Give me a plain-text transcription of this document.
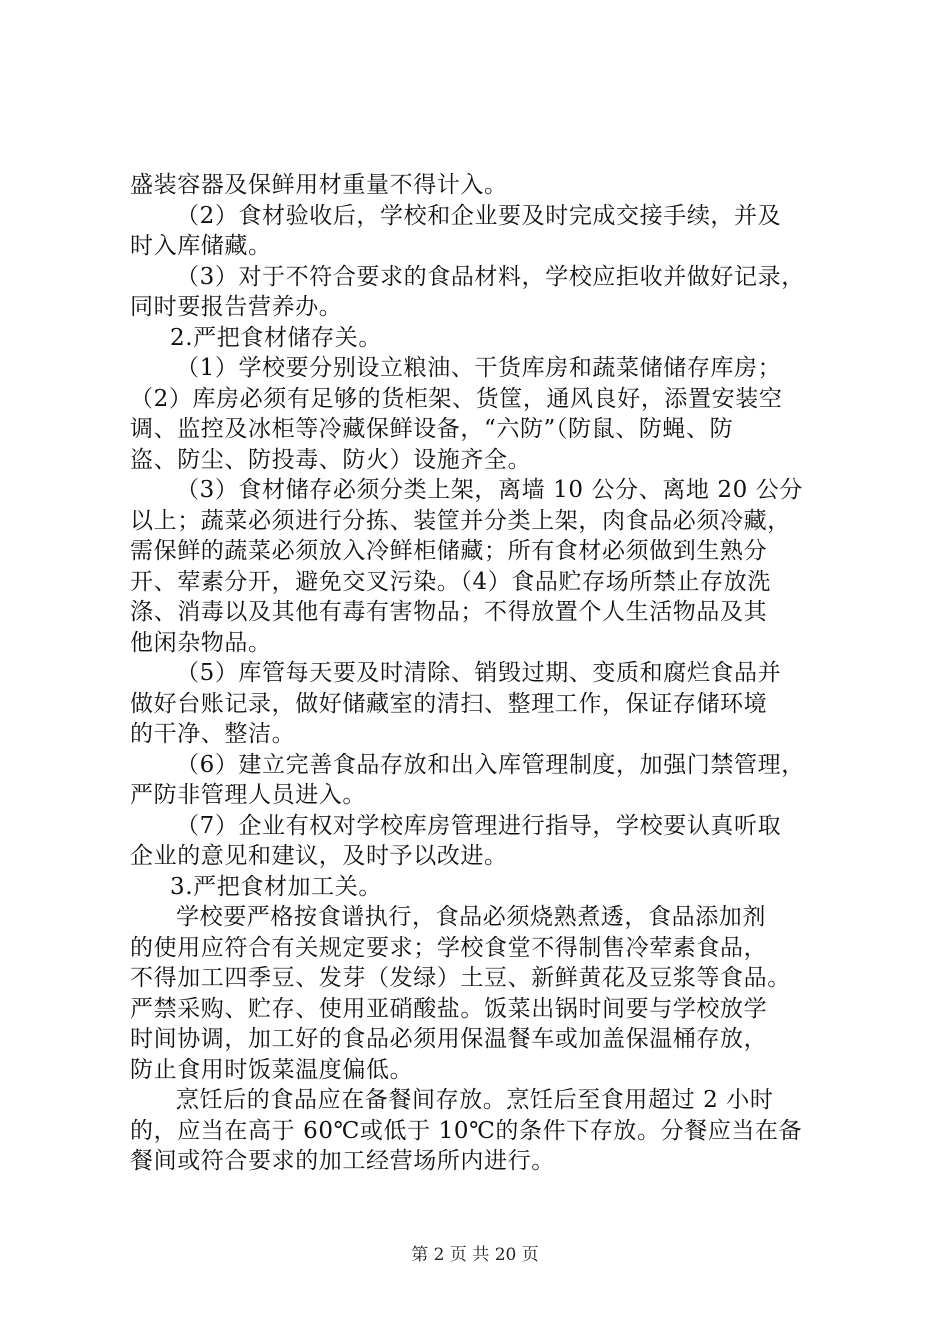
盛装容器及保鲜用材重量不得计入。
（2）食材验收后，学校和企业要及时完成交接手续，并及
时入库储藏。
（3）对于不符合要求的食品材料，学校应拒收并做好记录，
同时要报告营养办。
2.严把食材储存关。
（1）学校要分别设立粮油、干货库房和蔬菜储储存库房；
（2）库房必须有足够的货柜架、货筐，通风良好，添置安装空
调、监控及冰柜等冷藏保鲜设备，“六防”（防鼠、防蝇、防
盗、防尘、防投毒、防火）设施齐全。
（3）食材储存必须分类上架，离墙 10 公分、离地 20 公分
以上；蔬菜必须进行分拣、装筐并分类上架，肉食品必须冷藏，
需保鲜的蔬菜必须放入冷鲜柜储藏；所有食材必须做到生熟分
开、荤素分开，避免交叉污染。（4）食品贮存场所禁止存放洗
涤、消毒以及其他有毒有害物品；不得放置个人生活物品及其
他闲杂物品。
（5）库管每天要及时清除、销毁过期、变质和腐烂食品并
做好台账记录，做好储藏室的清扫、整理工作，保证存储环境
的干净、整洁。
（6）建立完善食品存放和出入库管理制度，加强门禁管理，
严防非管理人员进入。
（7）企业有权对学校库房管理进行指导，学校要认真听取
企业的意见和建议，及时予以改进。
3.严把食材加工关。
学校要严格按食谱执行，食品必须烧熟煮透，食品添加剂
的使用应符合有关规定要求；学校食堂不得制售冷荤素食品，
不得加工四季豆、发芽（发绿）土豆、新鲜黄花及豆浆等食品。
严禁采购、贮存、使用亚硝酸盐。饭菜出锅时间要与学校放学
时间协调，加工好的食品必须用保温餐车或加盖保温桶存放，
防止食用时饭菜温度偏低。
烹饪后的食品应在备餐间存放。烹饪后至食用超过 2 小时
的，应当在高于 60℃或低于 10℃的条件下存放。分餐应当在备
餐间或符合要求的加工经营场所内进行。
第 2 页 共 20 页
